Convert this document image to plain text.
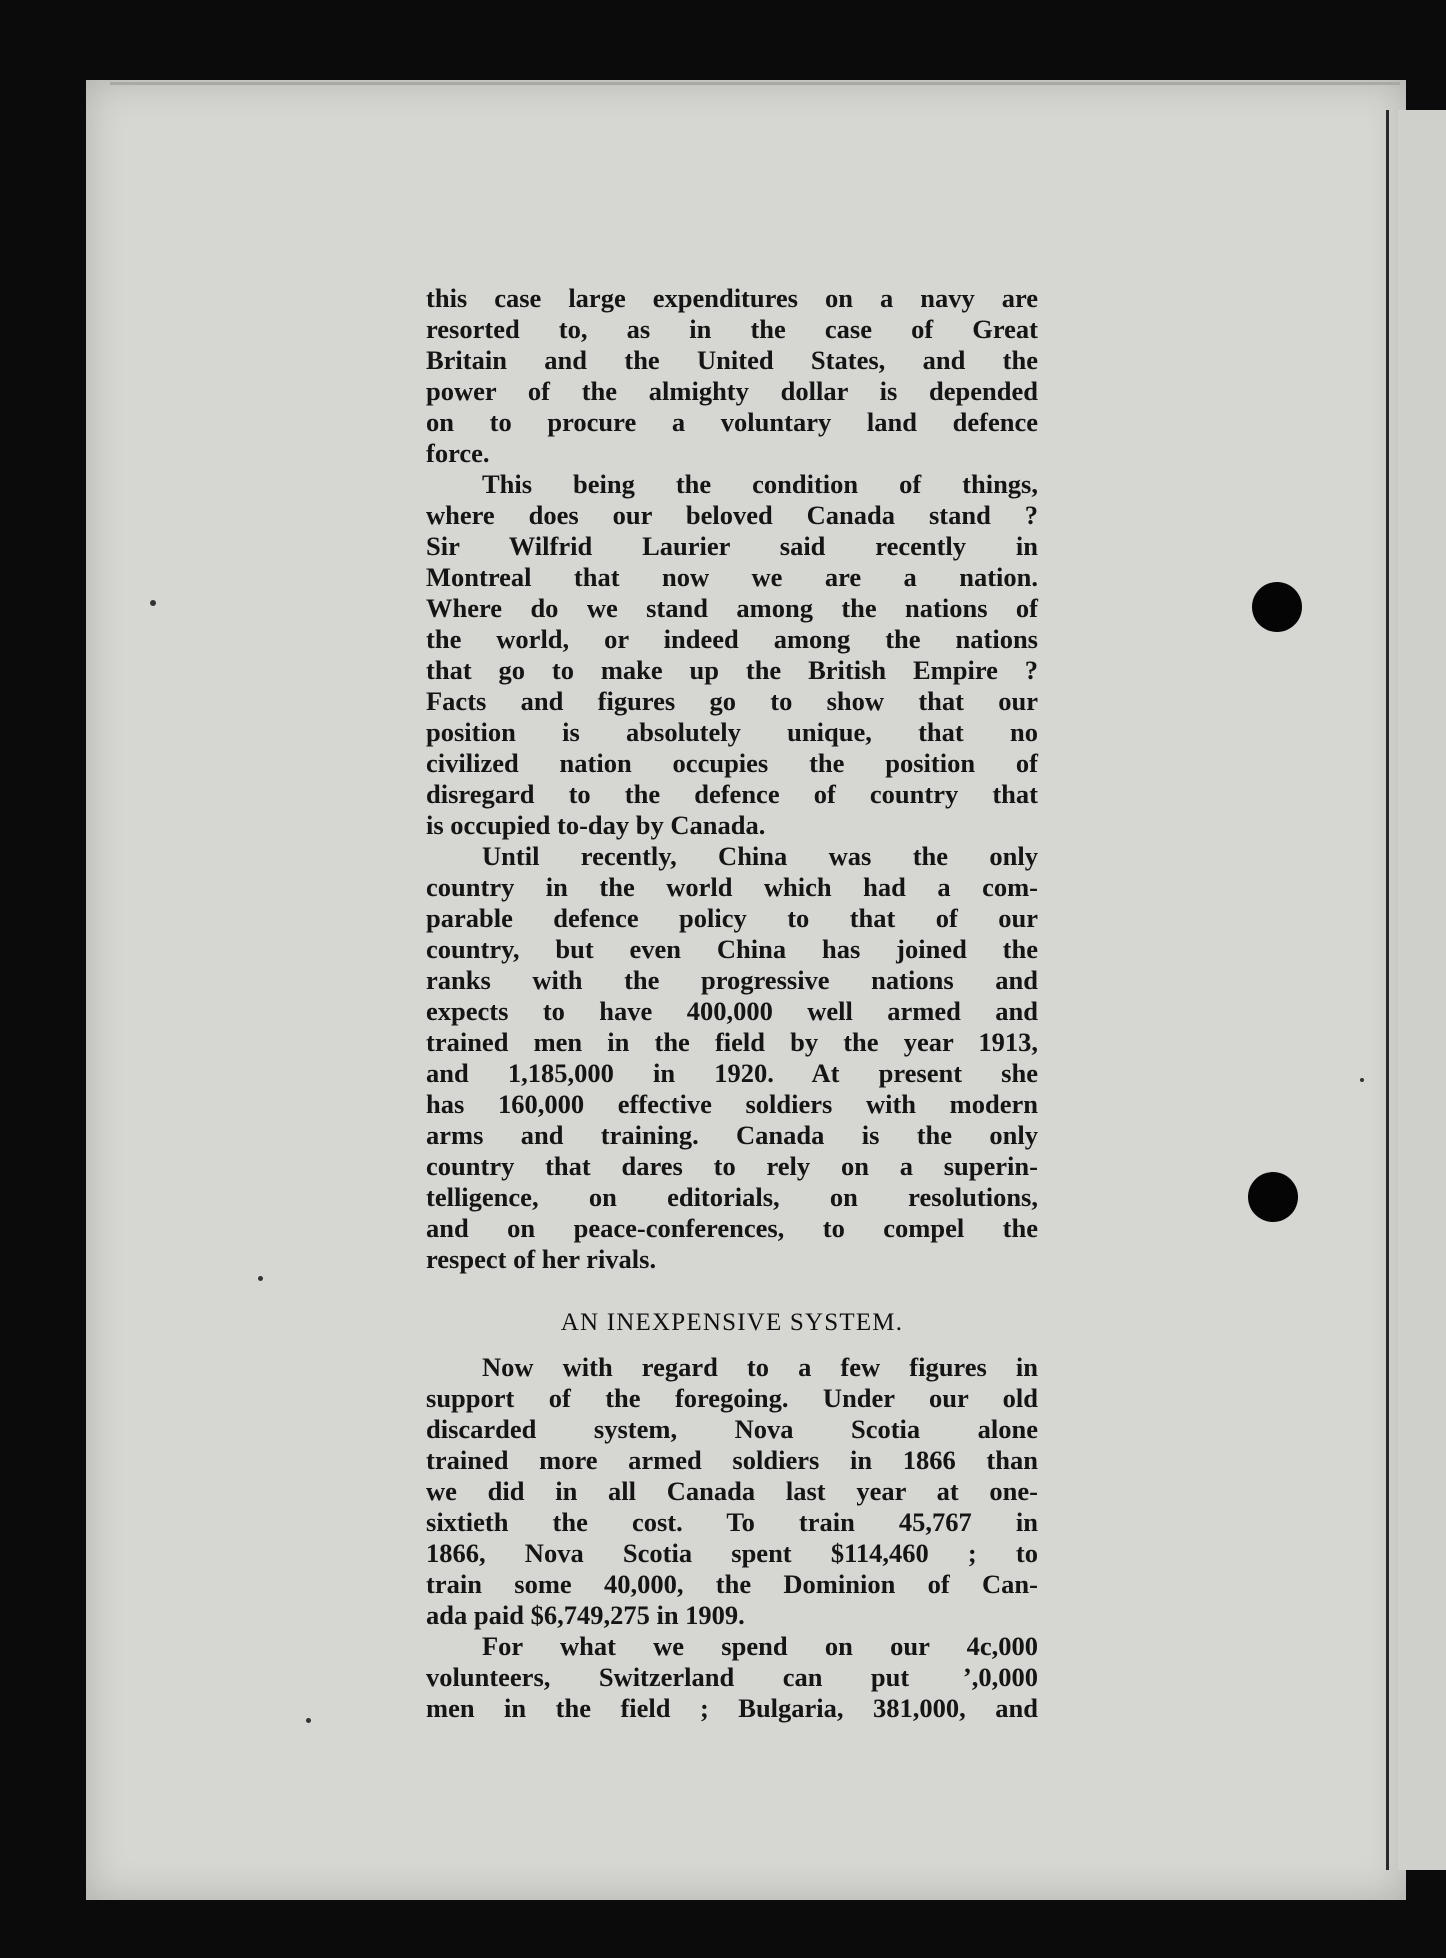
this case large expenditures on a navy are
resorted to, as in the case of Great
Britain and the United States, and the
power of the almighty dollar is depended
on to procure a voluntary land defence
force.
This being the condition of things,
where does our beloved Canada stand ?
Sir Wilfrid Laurier said recently in
Montreal that now we are a nation.
Where do we stand among the nations of
the world, or indeed among the nations
that go to make up the British Empire ?
Facts and figures go to show that our
position is absolutely unique, that no
civilized nation occupies the position of
disregard to the defence of country that
is occupied to-day by Canada.
Until recently, China was the only
country in the world which had a com-
parable defence policy to that of our
country, but even China has joined the
ranks with the progressive nations and
expects to have 400,000 well armed and
trained men in the field by the year 1913,
and 1,185,000 in 1920. At present she
has 160,000 effective soldiers with modern
arms and training. Canada is the only
country that dares to rely on a superin-
telligence, on editorials, on resolutions,
and on peace-conferences, to compel the
respect of her rivals.
AN INEXPENSIVE SYSTEM.
Now with regard to a few figures in
support of the foregoing. Under our old
discarded system, Nova Scotia alone
trained more armed soldiers in 1866 than
we did in all Canada last year at one-
sixtieth the cost. To train 45,767 in
1866, Nova Scotia spent $114,460 ; to
train some 40,000, the Dominion of Can-
ada paid $6,749,275 in 1909.
For what we spend on our 4c,000
volunteers, Switzerland can put  ’,0,000
men in the field ; Bulgaria, 381,000, and
